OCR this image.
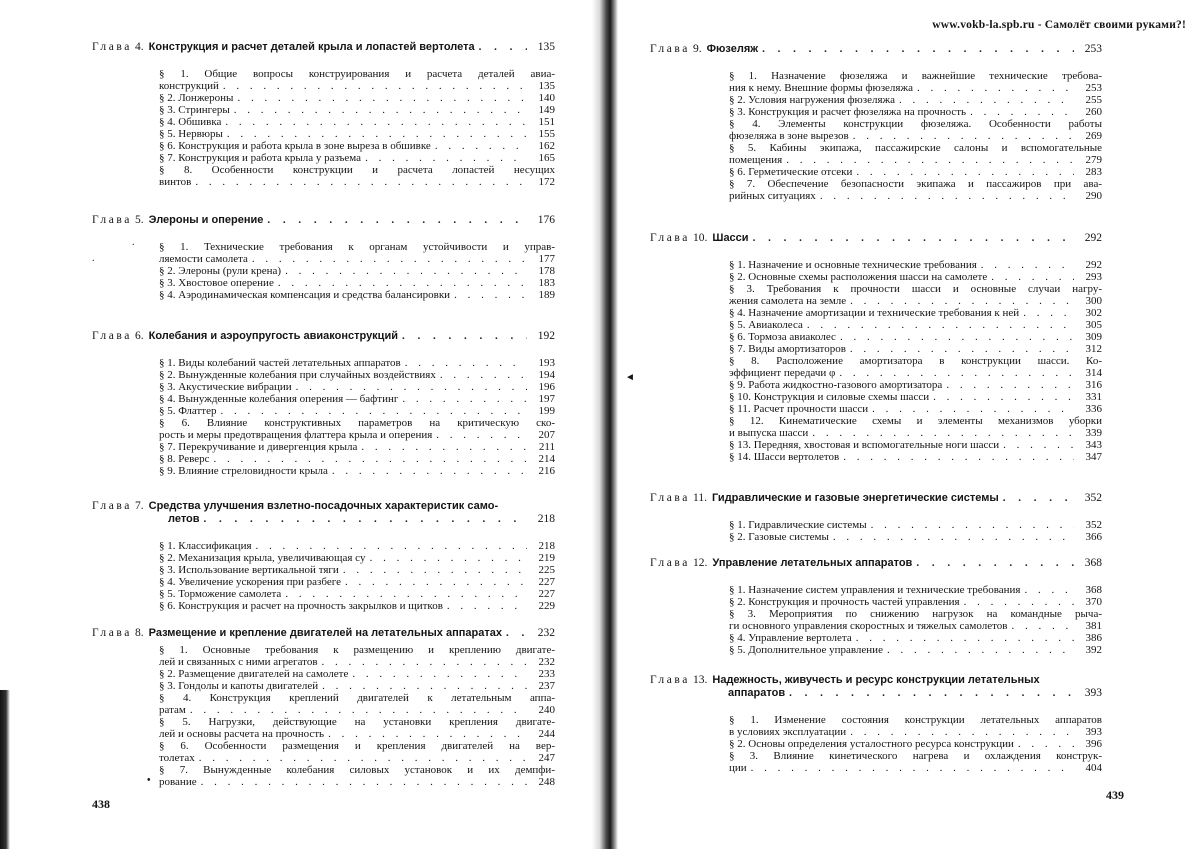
www.vokb-la.spb.ru - Самолёт своими руками?!
Глава 4. Конструкция и расчет деталей крыла и лопастей вертолета . . .	135
§ 1. Общие вопросы конструирования и расчета деталей авиа-
конструкций . . .	135
§ 2. Лонжероны . . .	140
§ 3. Стрингеры . . .	149
§ 4. Обшивка . . .	151
§ 5. Нервюры . . .	155
§ 6. Конструкция и работа крыла в зоне выреза в обшивке . . .	162
§ 7. Конструкция и работа крыла у разъема . . .	165
§ 8. Особенности конструкции и расчета лопастей несущих
винтов . . .	172
Глава 5. Элероны и оперение . . .	176
§ 1. Технические требования к органам устойчивости и управ-
ляемости самолета . . .	177
§ 2. Элероны (рули крена) . . .	178
§ 3. Хвостовое оперение . . .	183
§ 4. Аэродинамическая компенсация и средства балансировки . . .	189
Глава 6. Колебания и аэроупругость авиаконструкций . . .	192
§ 1. Виды колебаний частей летательных аппаратов . . .	193
§ 2. Вынужденные колебания при случайных воздействиях . . .	194
§ 3. Акустические вибрации . . .	196
§ 4. Вынужденные колебания оперения — бафтинг . . .	197
§ 5. Флаттер . . .	199
§ 6. Влияние конструктивных параметров на критическую ско-
рость и меры предотвращения флаттера крыла и оперения . . .	207
§ 7. Перекручивание и дивергенция крыла . . .	211
§ 8. Реверс . . .	214
§ 9. Влияние стреловидности крыла . . .	216
Глава 7. Средства улучшения взлетно-посадочных характеристик само-
летов . . .	218
§ 1. Классификация . . .	218
§ 2. Механизация крыла, увеличивающая cy . . .	219
§ 3. Использование вертикальной тяги . . .	225
§ 4. Увеличение ускорения при разбеге . . .	227
§ 5. Торможение самолета . . .	227
§ 6. Конструкция и расчет на прочность закрылков и щитков . . .	229
Глава 8. Размещение и крепление двигателей на летательных аппаратах . . .	232
§ 1. Основные требования к размещению и креплению двигате-
лей и связанных с ними агрегатов . . .	232
§ 2. Размещение двигателей на самолете . . .	233
§ 3. Гондолы и капоты двигателей . . .	237
§ 4. Конструкция креплений двигателей к летательным аппа-
ратам . . .	240
§ 5. Нагрузки, действующие на установки крепления двигате-
лей и основы расчета на прочность . . .	244
§ 6. Особенности размещения и крепления двигателей на вер-
толетах . . .	247
§ 7. Вынужденные колебания силовых установок и их демпфи-
рование . . .	248
Глава 9. Фюзеляж . . .	253
§ 1. Назначение фюзеляжа и важнейшие технические требова-
ния к нему. Внешние формы фюзеляжа . . .	253
§ 2. Условия нагружения фюзеляжа . . .	255
§ 3. Конструкция и расчет фюзеляжа на прочность . . .	260
§ 4. Элементы конструкции фюзеляжа. Особенности работы
фюзеляжа в зоне вырезов . . .	269
§ 5. Кабины экипажа, пассажирские салоны и вспомогательные
помещения . . .	279
§ 6. Герметические отсеки . . .	283
§ 7. Обеспечение безопасности экипажа и пассажиров при ава-
рийных ситуациях . . .	290
Глава 10. Шасси . . .	292
§ 1. Назначение и основные технические требования . . .	292
§ 2. Основные схемы расположения шасси на самолете . . .	293
§ 3. Требования к прочности шасси и основные случаи нагру-
жения самолета на земле . . .	300
§ 4. Назначение амортизации и технические требования к ней . . .	302
§ 5. Авиаколеса . . .	305
§ 6. Тормоза авиаколес . . .	309
§ 7. Виды амортизаторов . . .	312
§ 8. Расположение амортизатора в конструкции шасси. Ко-
эффициент передачи φ . . .	314
§ 9. Работа жидкостно-газового амортизатора . . .	316
§ 10. Конструкция и силовые схемы шасси . . .	331
§ 11. Расчет прочности шасси . . .	336
§ 12. Кинематические схемы и элементы механизмов уборки
и выпуска шасси . . .	339
§ 13. Передняя, хвостовая и вспомогательные ноги шасси . . .	343
§ 14. Шасси вертолетов . . .	347
Глава 11. Гидравлические и газовые энергетические системы . . .	352
§ 1. Гидравлические системы . . .	352
§ 2. Газовые системы . . .	366
Глава 12. Управление летательных аппаратов . . .	368
§ 1. Назначение систем управления и технические требования . . .	368
§ 2. Конструкция и прочность частей управления . . .	370
§ 3. Мероприятия по снижению нагрузок на командные рыча-
ги основного управления скоростных и тяжелых самолетов . . .	381
§ 4. Управление вертолета . . .	386
§ 5. Дополнительное управление . . .	392
Глава 13. Надежность, живучесть и ресурс конструкции летательных
аппаратов . . .	393
§ 1. Изменение состояния конструкции летательных аппаратов
в условиях эксплуатации . . .	393
§ 2. Основы определения усталостного ресурса конструкции . . .	396
§ 3. Влияние кинетического нагрева и охлаждения конструк-
ции . . .	404
438
439
.
.
•
◄
